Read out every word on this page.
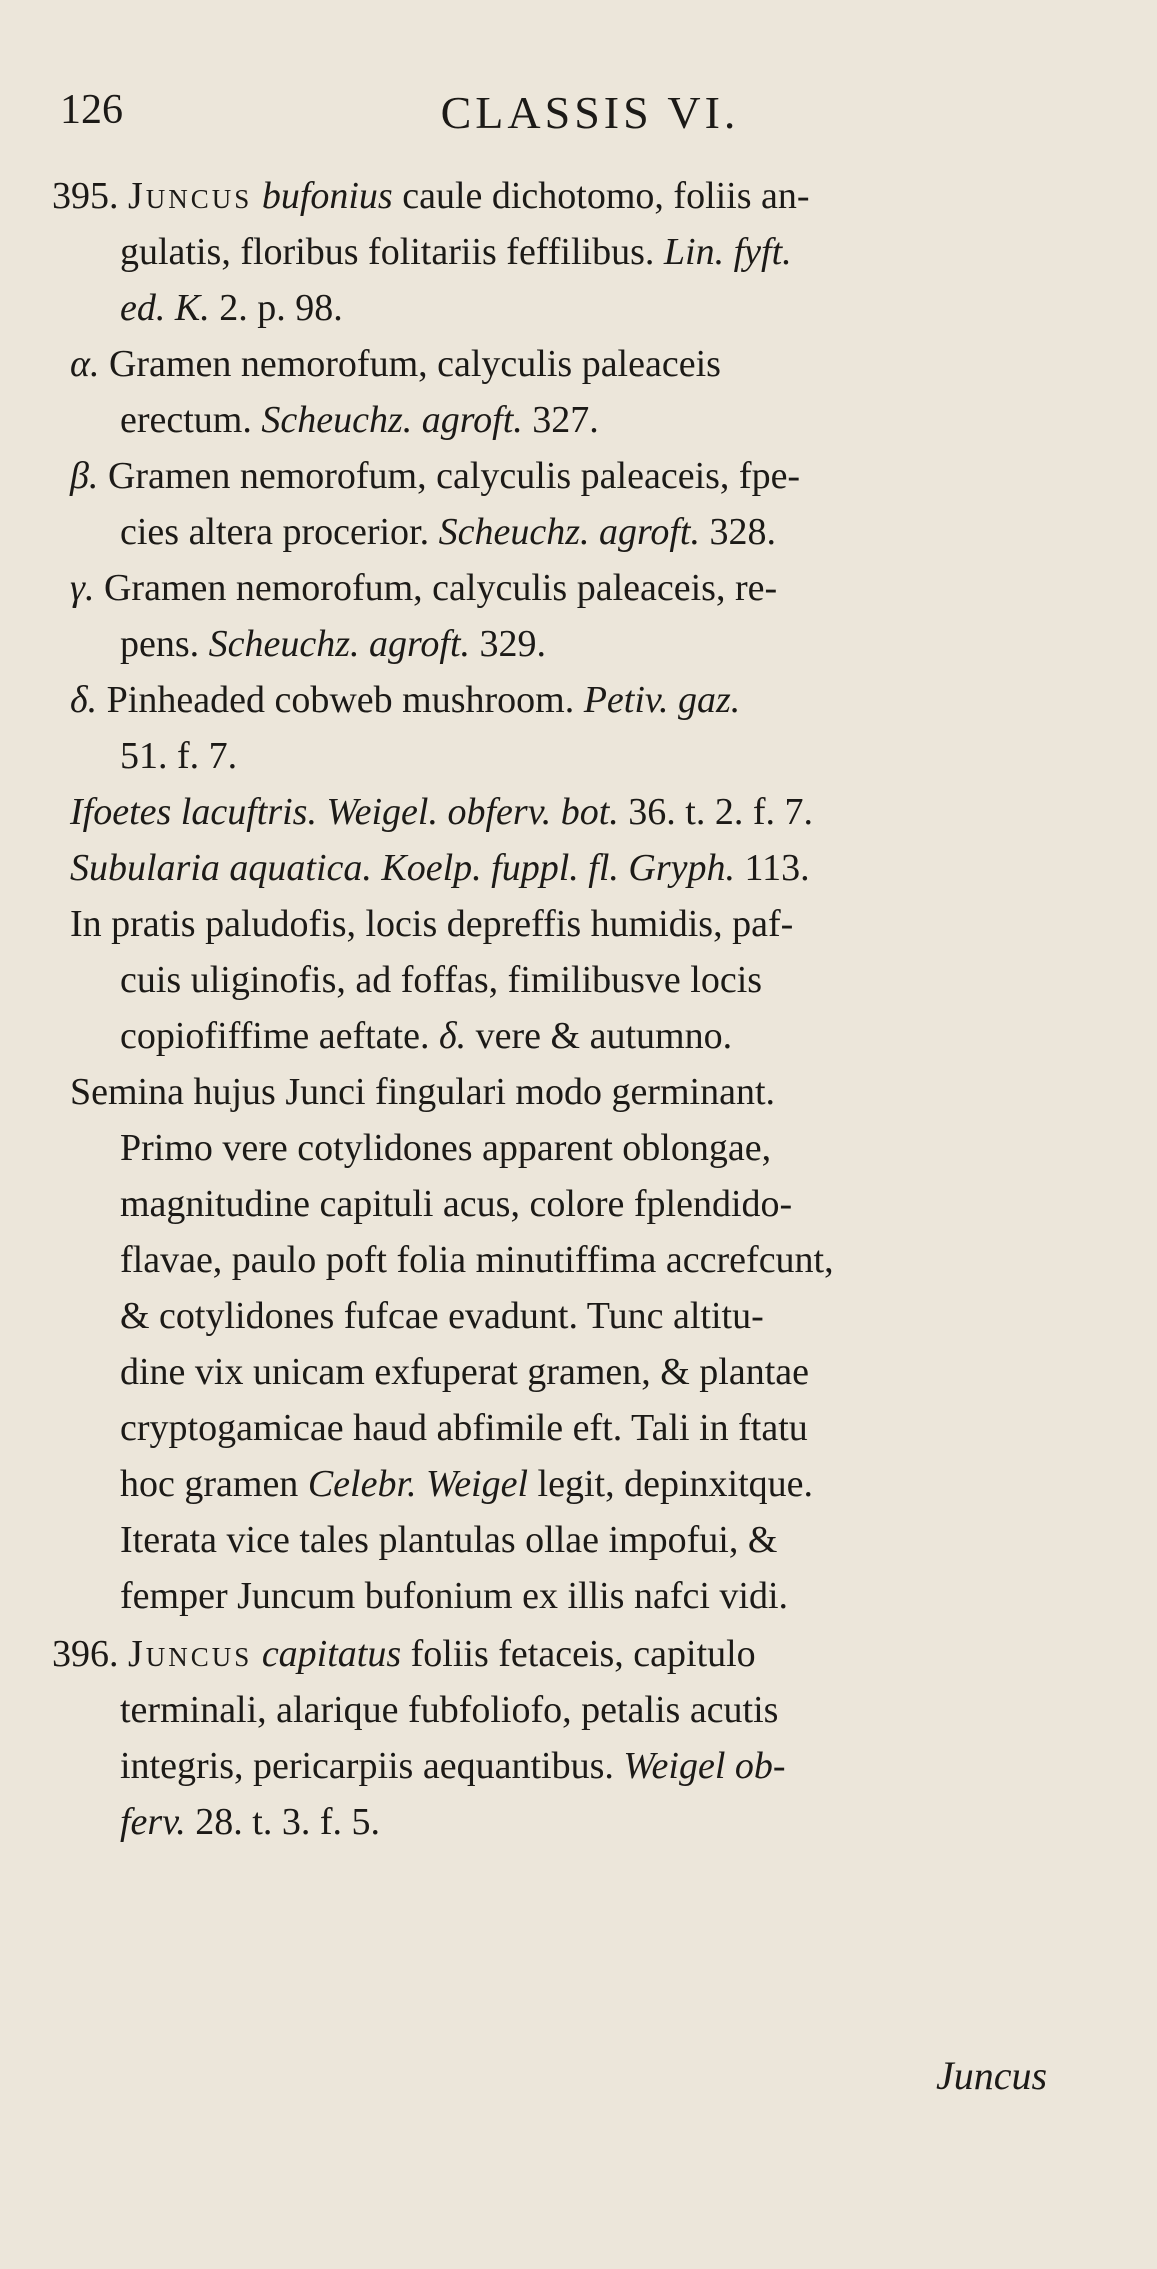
126	CLASSIS VI.
395. Juncus bufonius caule dichotomo, foliis an-
gulatis, floribus folitariis feffilibus. Lin. fyft.
ed. K. 2. p. 98.
α. Gramen nemorofum, calyculis paleaceis
erectum. Scheuchz. agroft. 327.
β. Gramen nemorofum, calyculis paleaceis, fpe-
cies altera procerior. Scheuchz. agroft. 328.
γ. Gramen nemorofum, calyculis paleaceis, re-
pens. Scheuchz. agroft. 329.
δ. Pinheaded cobweb mushroom. Petiv. gaz.
51. f. 7.
Ifoetes lacuftris. Weigel. obferv. bot. 36. t. 2. f. 7.
Subularia aquatica. Koelp. fuppl. fl. Gryph. 113.
In pratis paludofis, locis depreffis humidis, paf-
cuis uliginofis, ad foffas, fimilibusve locis
copiofiffime aeftate. δ. vere & autumno.
Semina hujus Junci fingulari modo germinant.
Primo vere cotylidones apparent oblongae,
magnitudine capituli acus, colore fplendido-
flavae, paulo poft folia minutiffima accrefcunt,
& cotylidones fufcae evadunt. Tunc altitu-
dine vix unicam exfuperat gramen, & plantae
cryptogamicae haud abfimile eft. Tali in ftatu
hoc gramen Celebr. Weigel legit, depinxitque.
Iterata vice tales plantulas ollae impofui, &
femper Juncum bufonium ex illis nafci vidi.
396. Juncus capitatus foliis fetaceis, capitulo
terminali, alarique fubfoliofo, petalis acutis
integris, pericarpiis aequantibus. Weigel ob-
ferv. 28. t. 3. f. 5.
Juncus
